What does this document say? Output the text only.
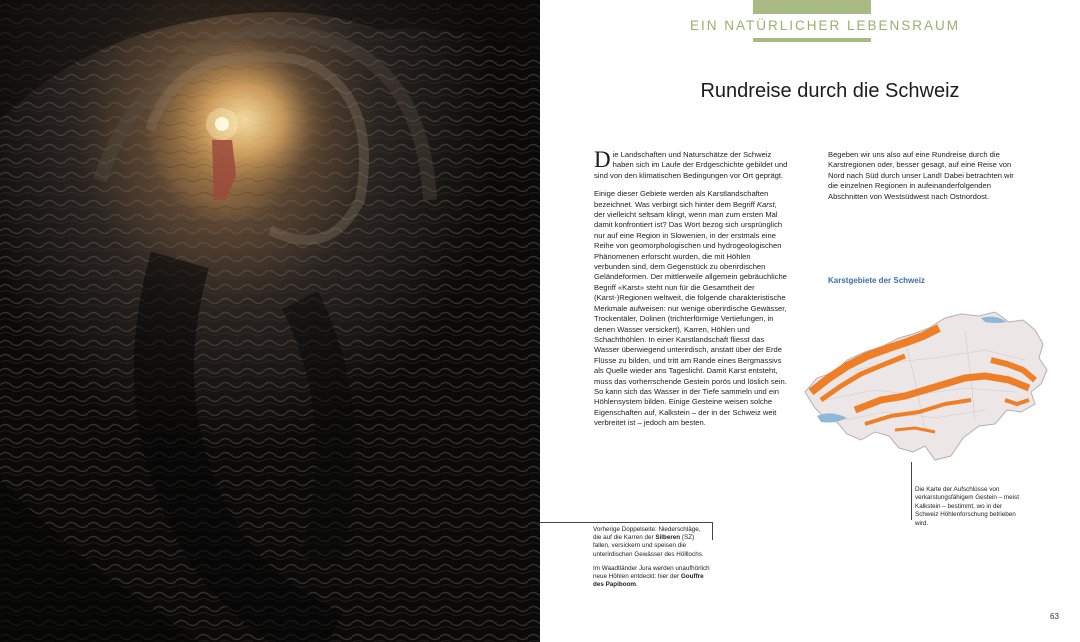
EIN NATÜRLICHER LEBENSRAUM
Rundreise durch die Schweiz

Die Landschaften und Naturschätze der Schweiz haben sich im Laufe der Erdgeschichte gebildet und sind von den klimatischen Bedingungen vor Ort geprägt.

Einige dieser Gebiete werden als Karstlandschaften bezeichnet. Was verbirgt sich hinter dem Begriff Karst, der vielleicht seltsam klingt, wenn man zum ersten Mal damit konfrontiert ist? Das Wort bezog sich ursprünglich nur auf eine Region in Slowenien, in der erstmals eine Reihe von geomorphologischen und hydrogeologischen Phänomenen erforscht wurden, die mit Höhlen verbunden sind, dem Gegenstück zu oberirdischen Geländeformen. Der mittlerweile allgemein gebräuchliche Begriff «Karst» steht nun für die Gesamtheit der (Karst-)Regionen weltweit, die folgende charakteristische Merkmale aufweisen: nur wenige oberirdische Gewässer, Trockentäler, Dolinen (trichterförmige Vertiefungen, in denen Wasser versickert), Karren, Höhlen und Schachthöhlen. In einer Karstlandschaft fliesst das Wasser überwiegend unterirdisch, anstatt über der Erde Flüsse zu bilden, und tritt am Rande eines Bergmassivs als Quelle wieder ans Tageslicht. Damit Karst entsteht, muss das vorherrschende Gestein porös und löslich sein. So kann sich das Wasser in der Tiefe sammeln und ein Höhlensystem bilden. Einige Gesteine weisen solche Eigenschaften auf, Kalkstein – der in der Schweiz weit verbreitet ist – jedoch am besten.

Begeben wir uns also auf eine Rundreise durch die Karstregionen oder, besser gesagt, auf eine Reise von Nord nach Süd durch unser Land! Dabei betrachten wir die einzelnen Regionen in aufeinanderfolgenden Abschnitten von Westsüdwest nach Ostnordost.

Karstgebiete der Schweiz
Die Karte der Aufschlüsse von verkarstungsfähigem Gestein – meist Kalkstein – bestimmt, wo in der Schweiz Höhlenforschung betrieben wird.

Vorherige Doppelseite: Niederschläge, die auf die Karren der Silberen (SZ) fallen, versickern und speisen die unterirdischen Gewässer des Hölllochs.

Im Waadtländer Jura werden unaufhörlich neue Höhlen entdeckt: hier der Gouffre des Papiboom.

63
